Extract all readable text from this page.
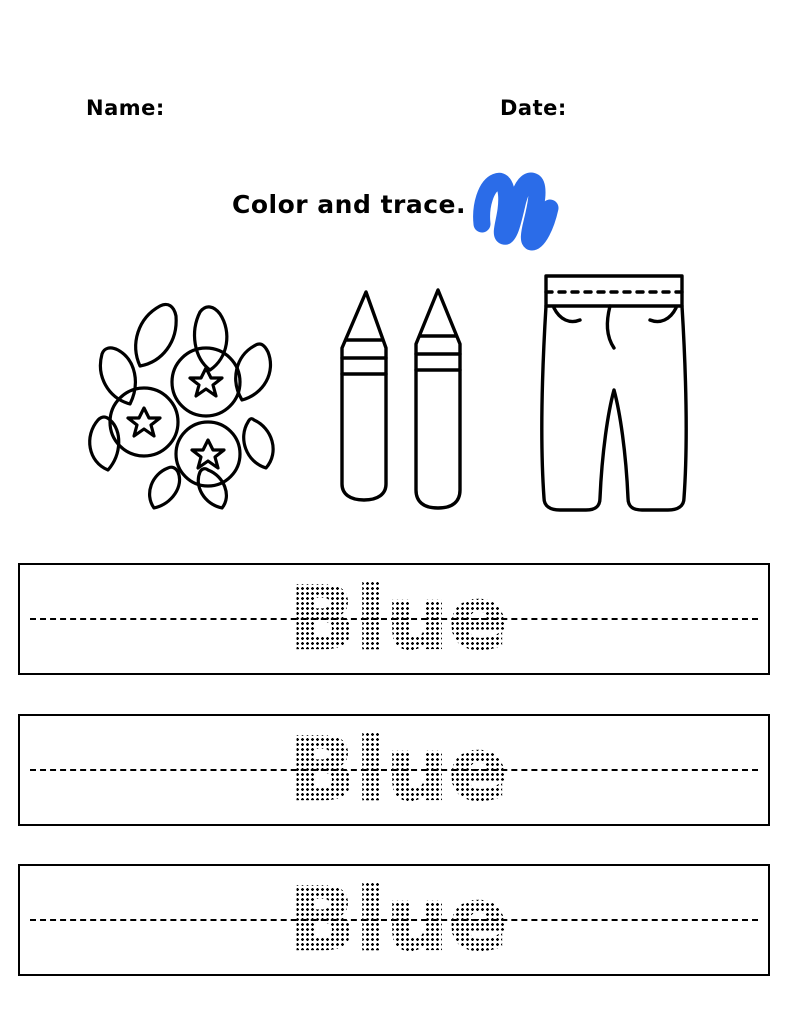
Name:	Date:
Color and trace.
Blue
Blue
Blue
